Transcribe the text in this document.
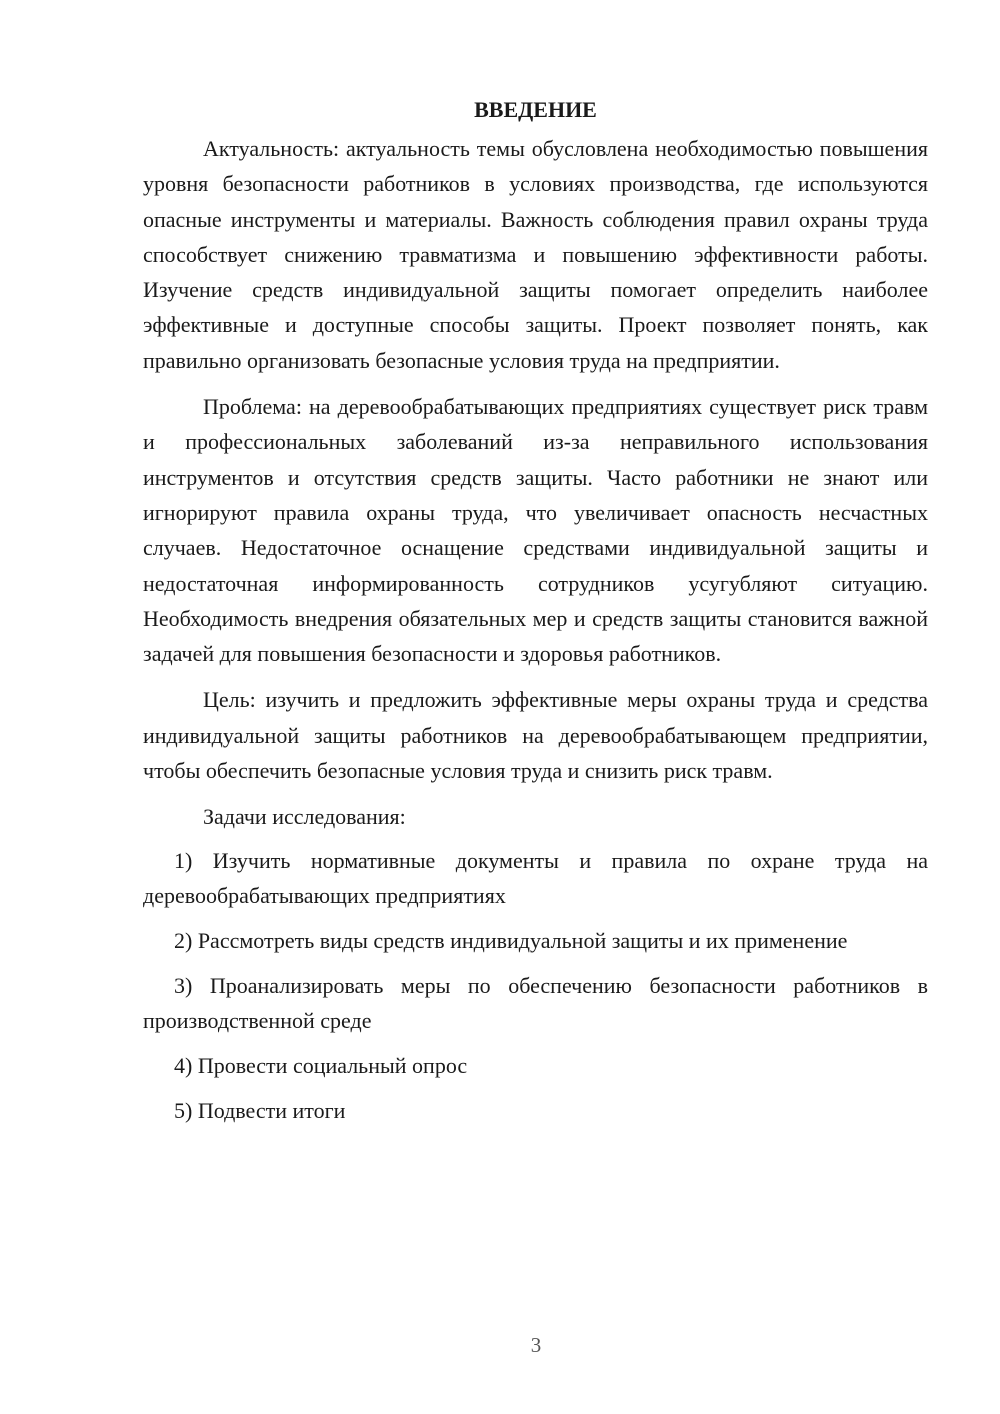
ВВЕДЕНИЕ

Актуальность: актуальность темы обусловлена необходимостью повышения уровня безопасности работников в условиях производства, где используются опасные инструменты и материалы. Важность соблюдения правил охраны труда способствует снижению травматизма и повышению эффективности работы. Изучение средств индивидуальной защиты помогает определить наиболее эффективные и доступные способы защиты. Проект позволяет понять, как правильно организовать безопасные условия труда на предприятии.

Проблема: на деревообрабатывающих предприятиях существует риск травм и профессиональных заболеваний из-за неправильного использования инструментов и отсутствия средств защиты. Часто работники не знают или игнорируют правила охраны труда, что увеличивает опасность несчастных случаев. Недостаточное оснащение средствами индивидуальной защиты и недостаточная информированность сотрудников усугубляют ситуацию. Необходимость внедрения обязательных мер и средств защиты становится важной задачей для повышения безопасности и здоровья работников.

Цель: изучить и предложить эффективные меры охраны труда и средства индивидуальной защиты работников на деревообрабатывающем предприятии, чтобы обеспечить безопасные условия труда и снизить риск травм.

Задачи исследования:

1) Изучить нормативные документы и правила по охране труда на деревообрабатывающих предприятиях

2) Рассмотреть виды средств индивидуальной защиты и их применение

3) Проанализировать меры по обеспечению безопасности работников в производственной среде

4) Провести социальный опрос

5) Подвести итоги

3
